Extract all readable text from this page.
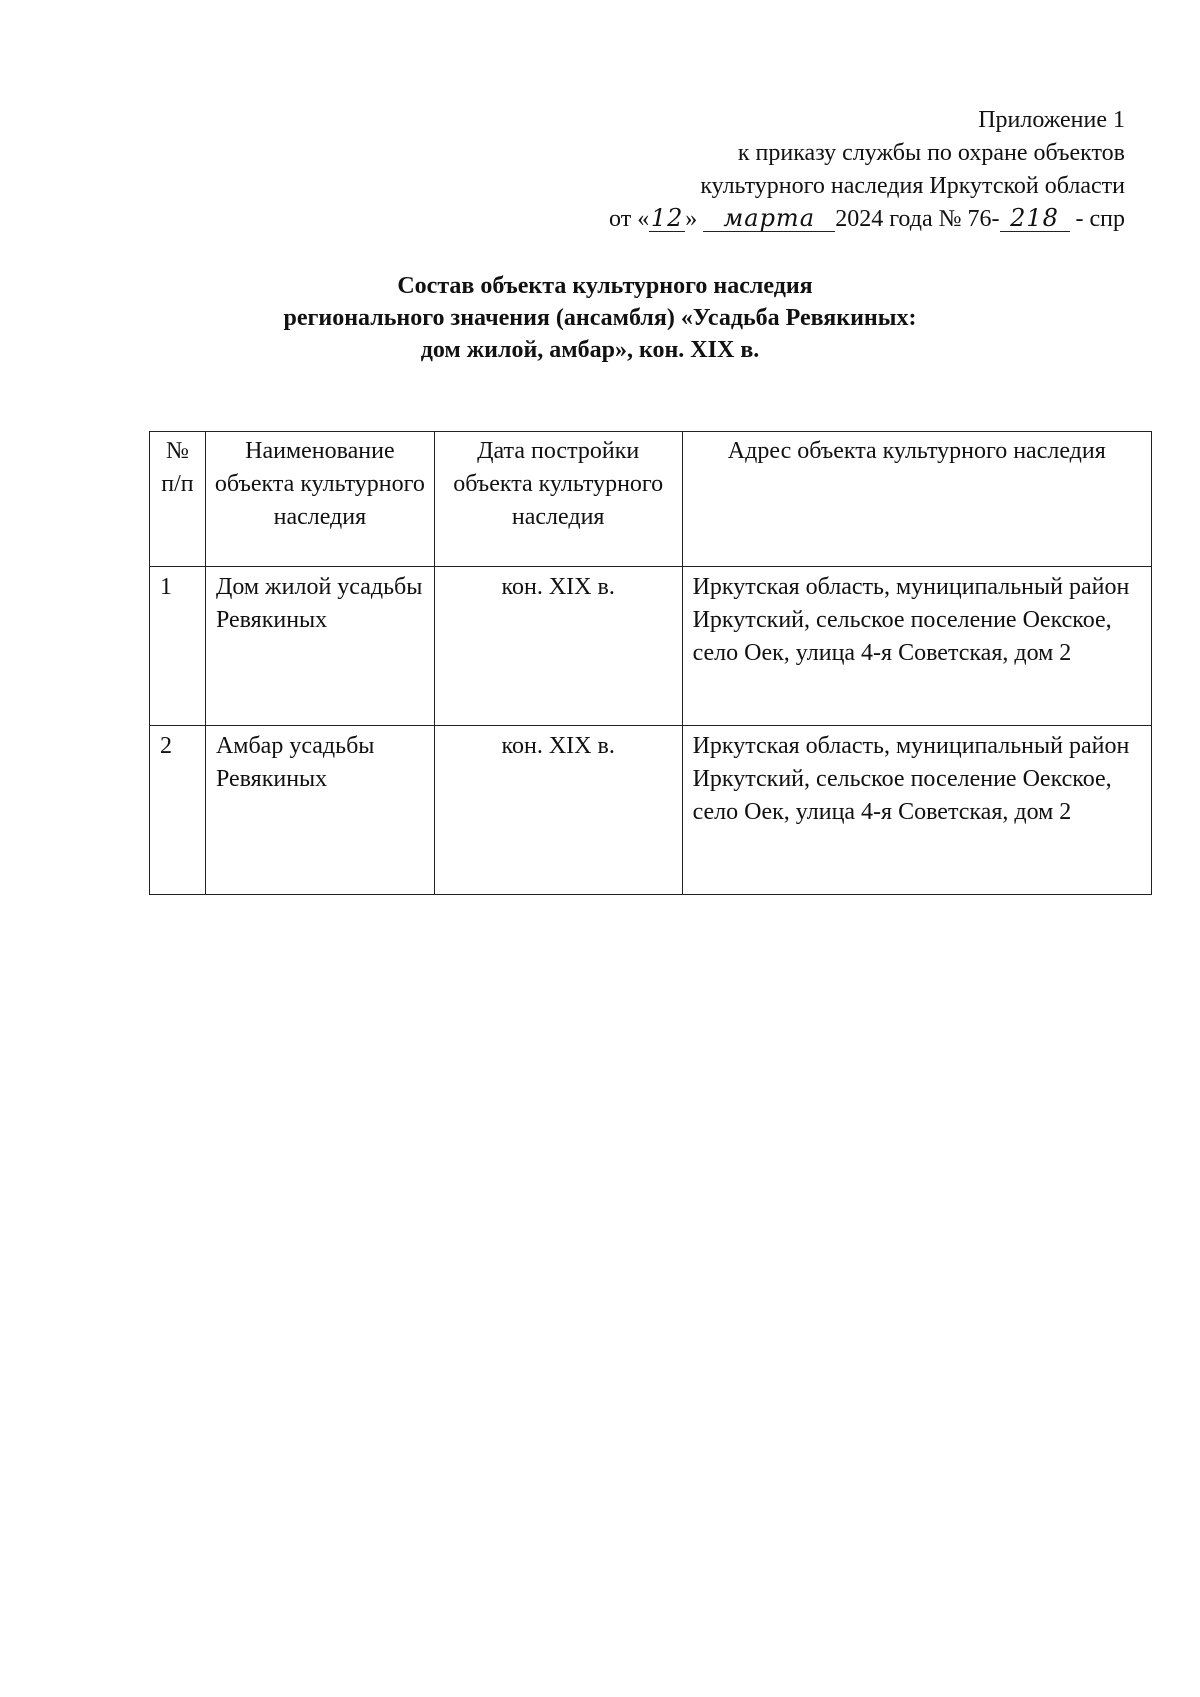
Приложение 1
к приказу службы по охране объектов
культурного наследия Иркутской области
от «12» марта 2024 года № 76- 218 - спр
Состав объекта культурного наследия
регионального значения (ансамбля) «Усадьба Ревякиных:
дом жилой, амбар», кон. XIX в.
№ п/п	Наименование объекта культурного наследия	Дата постройки объекта культурного наследия	Адрес объекта культурного наследия
1	Дом жилой усадьбы Ревякиных	кон. XIX в.	Иркутская область, муниципальный район Иркутский, сельское поселение Оекское, село Оек, улица 4-я Советская, дом 2
2	Амбар усадьбы Ревякиных	кон. XIX в.	Иркутская область, муниципальный район Иркутский, сельское поселение Оекское, село Оек, улица 4-я Советская, дом 2
